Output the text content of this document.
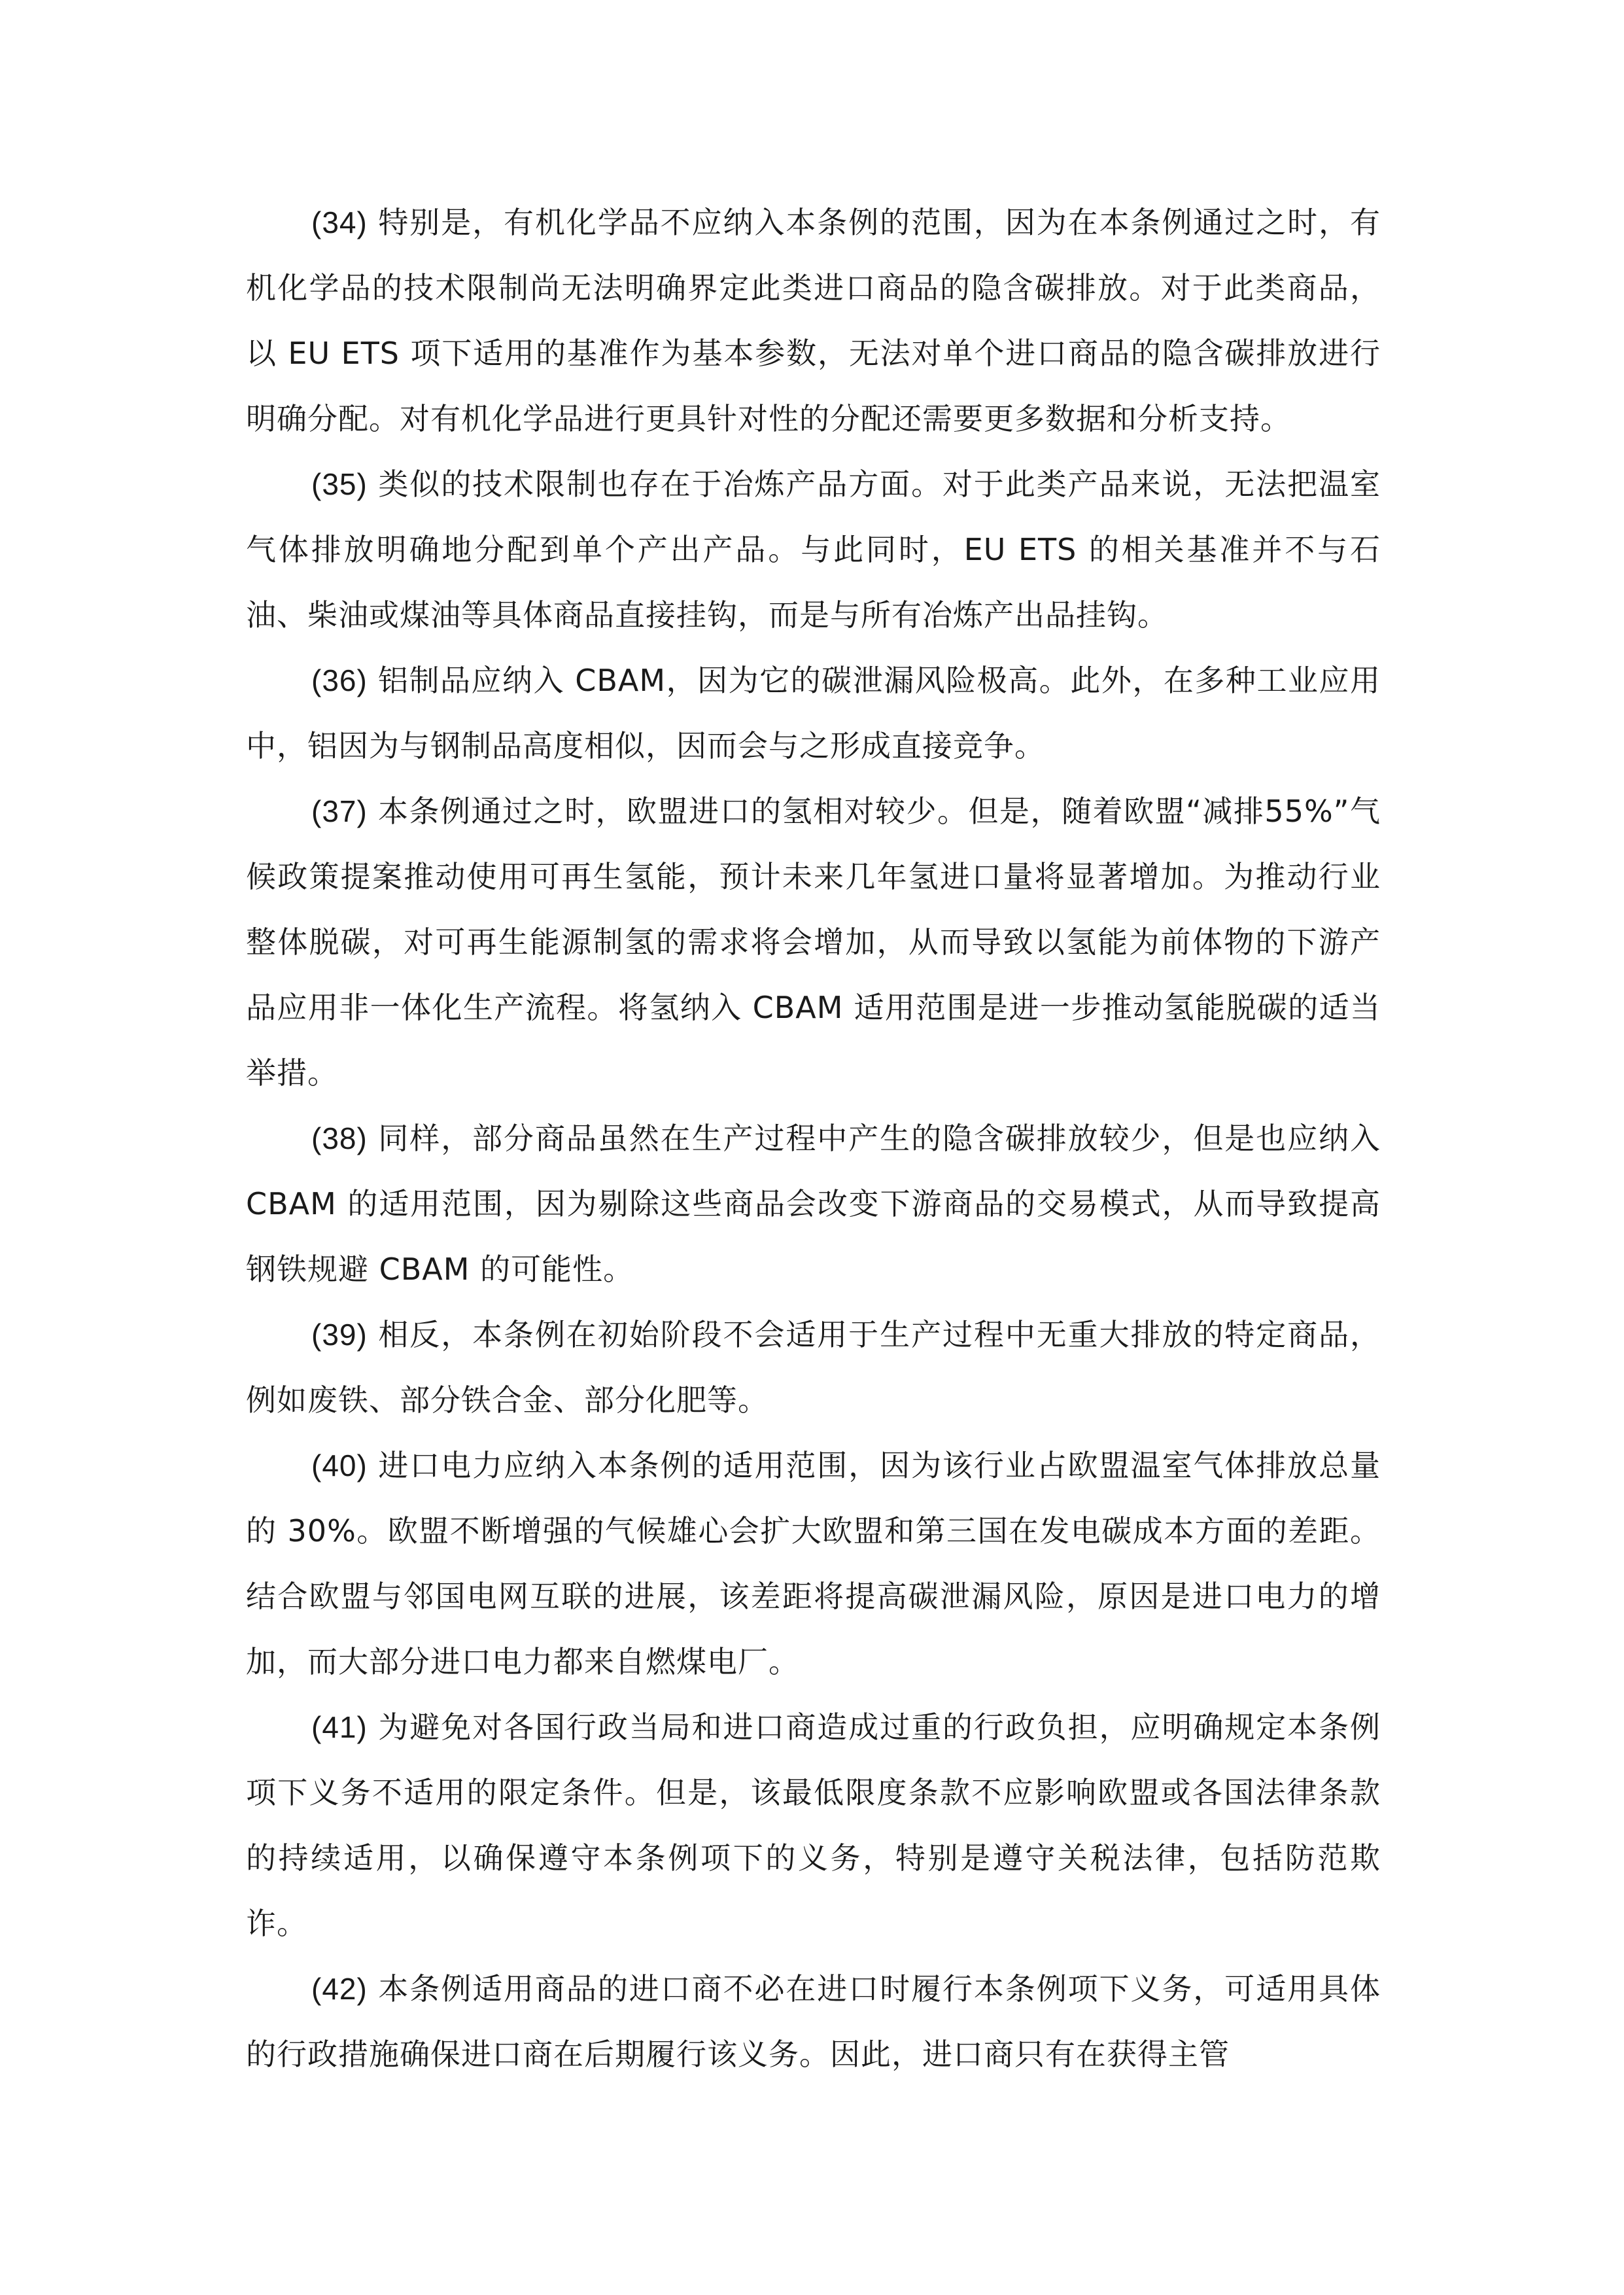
(34) 特别是，有机化学品不应纳入本条例的范围，因为在本条例通过之时，有机化学品的技术限制尚无法明确界定此类进口商品的隐含碳排放。对于此类商品，以 EU ETS 项下适用的基准作为基本参数，无法对单个进口商品的隐含碳排放进行明确分配。对有机化学品进行更具针对性的分配还需要更多数据和分析支持。

(35) 类似的技术限制也存在于冶炼产品方面。对于此类产品来说，无法把温室气体排放明确地分配到单个产出产品。与此同时，EU ETS 的相关基准并不与石油、柴油或煤油等具体商品直接挂钩，而是与所有冶炼产出品挂钩。

(36) 铝制品应纳入 CBAM，因为它的碳泄漏风险极高。此外，在多种工业应用中，铝因为与钢制品高度相似，因而会与之形成直接竞争。

(37) 本条例通过之时，欧盟进口的氢相对较少。但是，随着欧盟“减排55%”气候政策提案推动使用可再生氢能，预计未来几年氢进口量将显著增加。为推动行业整体脱碳，对可再生能源制氢的需求将会增加，从而导致以氢能为前体物的下游产品应用非一体化生产流程。将氢纳入 CBAM 适用范围是进一步推动氢能脱碳的适当举措。

(38) 同样，部分商品虽然在生产过程中产生的隐含碳排放较少，但是也应纳入 CBAM 的适用范围，因为剔除这些商品会改变下游商品的交易模式，从而导致提高钢铁规避 CBAM 的可能性。

(39) 相反，本条例在初始阶段不会适用于生产过程中无重大排放的特定商品，例如废铁、部分铁合金、部分化肥等。

(40) 进口电力应纳入本条例的适用范围，因为该行业占欧盟温室气体排放总量的 30%。欧盟不断增强的气候雄心会扩大欧盟和第三国在发电碳成本方面的差距。结合欧盟与邻国电网互联的进展，该差距将提高碳泄漏风险，原因是进口电力的增加，而大部分进口电力都来自燃煤电厂。

(41) 为避免对各国行政当局和进口商造成过重的行政负担，应明确规定本条例项下义务不适用的限定条件。但是，该最低限度条款不应影响欧盟或各国法律条款的持续适用，以确保遵守本条例项下的义务，特别是遵守关税法律，包括防范欺诈。

(42) 本条例适用商品的进口商不必在进口时履行本条例项下义务，可适用具体的行政措施确保进口商在后期履行该义务。因此，进口商只有在获得主管
